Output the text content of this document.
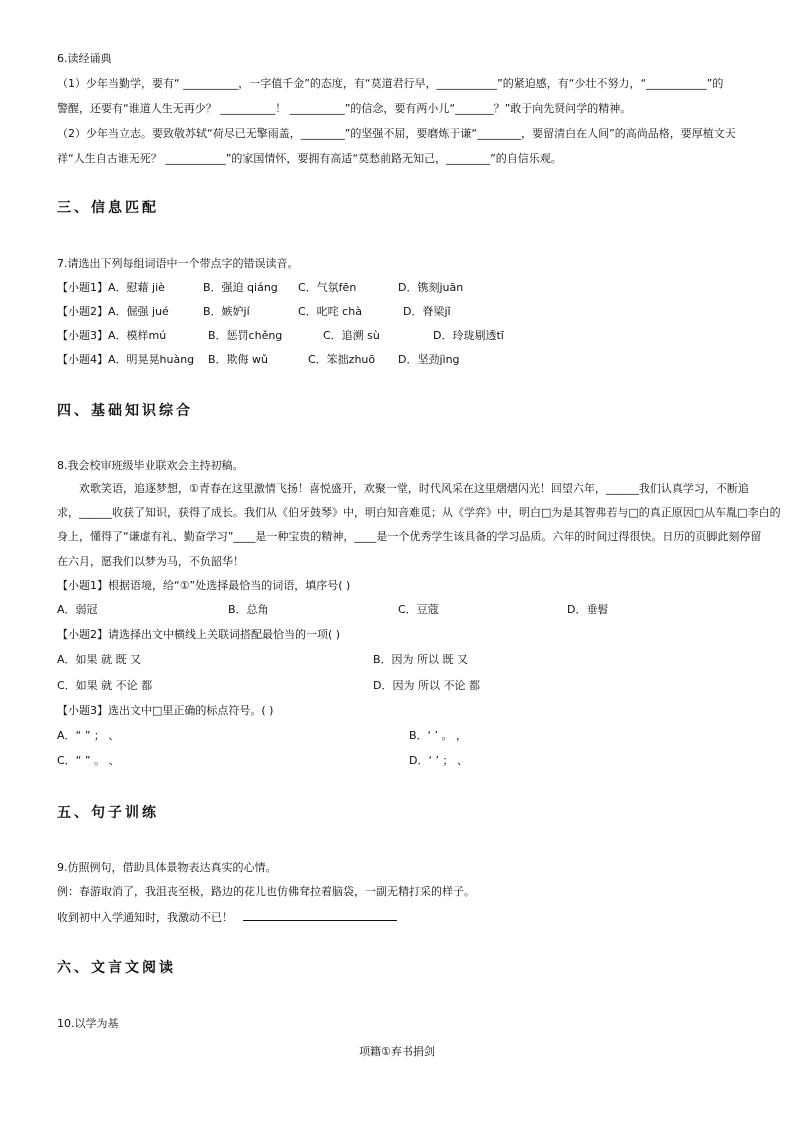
6.读经诵典
（1）少年当勤学，要有“ __________，一字值千金”的态度，有“莫道君行早，___________”的紧迫感，有“少壮不努力，“___________”的
警醒，还要有“谁道人生无再少？ __________！ __________”的信念，要有两小儿“_______？”敢于向先贤问学的精神。
（2）少年当立志。要致敬苏轼“荷尽已无擎雨盖，________”的坚强不屈，要磨炼于谦“________，要留清白在人间”的高尚品格，要厚植文天
祥“人生自古谁无死？ ___________”的家国情怀，要拥有高适“莫愁前路无知己，________”的自信乐观。
三、信息匹配
7.请选出下列每组词语中一个带点字的错误读音。
【小题1】A．慰藉 jiè	B．强迫 qiáng C．气氛fēn	D．镌刻juān
【小题2】A．倔强 jué	B．嫉妒jí	C．叱咤 chà	D．脊梁jǐ
【小题3】A．模样mú	B．惩罚chěng	C．追溯 sù	D．玲珑剔透tī
【小题4】A．明晃晃huàng B．欺侮 wǔ	C．笨拙zhuō D．坚劲jìng
四、基础知识综合
8.我会校审班级毕业联欢会主持初稿。
欢歌笑语，追逐梦想，①青春在这里激情飞扬！喜悦盛开，欢聚一堂，时代风采在这里熠熠闪光！回望六年，______我们认真学习，不断追
求，______收获了知识，获得了成长。我们从《伯牙鼓琴》中，明白知音难觅；从《学弈》中，明白□为是其智弗若与□的真正原因□从车胤□李白的
身上，懂得了“谦虚有礼、勤奋学习”____是一种宝贵的精神，____是一个优秀学生该具备的学习品质。六年的时间过得很快。日历的页脚此刻停留
在六月，愿我们以梦为马，不负韶华！
【小题1】根据语境，给“①”处选择最恰当的词语，填序号( )
A．弱冠	B．总角	C．豆蔻	D．垂髫
【小题2】请选择出文中横线上关联词搭配最恰当的一项( )
A．如果 就 既 又	B．因为 所以 既 又
C．如果 就 不论 都	D．因为 所以 不论 都
【小题3】选出文中□里正确的标点符号。( )
A．“ ” ； 、	B．‘ ’ 。 ，
C．“ ” 。 、	D．‘ ’ ； 、
五、句子训练
9.仿照例句，借助具体景物表达真实的心情。
例：春游取消了，我沮丧至极，路边的花儿也仿佛耷拉着脑袋，一副无精打采的样子。
收到初中入学通知时，我激动不已！
六、文言文阅读
10.以学为基
项籍①弃书捐剑
